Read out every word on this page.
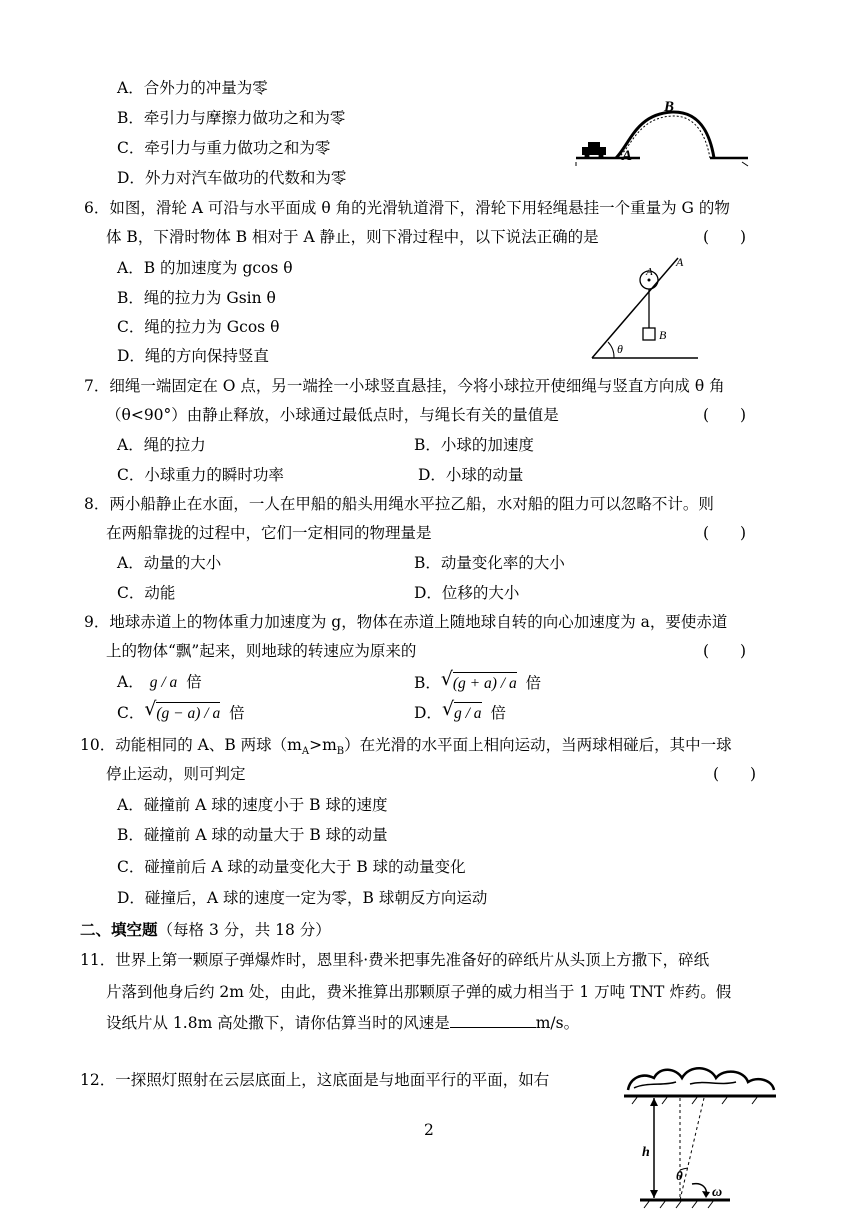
A．合外力的冲量为零
B．牵引力与摩擦力做功之和为零
C．牵引力与重力做功之和为零
D．外力对汽车做功的代数和为零
A
B
6．如图，滑轮 A 可沿与水平面成 θ 角的光滑轨道滑下，滑轮下用轻绳悬挂一个重量为 G 的物
体 B，下滑时物体 B 相对于 A 静止，则下滑过程中，以下说法正确的是	(　　)
A．B 的加速度为 gcos θ
B．绳的拉力为 Gsin θ
C．绳的拉力为 Gcos θ
D．绳的方向保持竖直
A
A
B
θ
7．细绳一端固定在 O 点，另一端拴一小球竖直悬挂，今将小球拉开使细绳与竖直方向成 θ 角
（θ<90°）由静止释放，小球通过最低点时，与绳长有关的量值是	(　　)
A．绳的拉力	B．小球的加速度
C．小球重力的瞬时功率	D．小球的动量
8．两小船静止在水面，一人在甲船的船头用绳水平拉乙船，水对船的阻力可以忽略不计。则
在两船靠拢的过程中，它们一定相同的物理量是	(　　)
A．动量的大小	B．动量变化率的大小
C．动能	D．位移的大小
9．地球赤道上的物体重力加速度为 g，物体在赤道上随地球自转的向心加速度为 a，要使赤道
上的物体“飘”起来，则地球的转速应为原来的	(　　)
A． g / a 倍	B． √ (g + a) / a 倍
C． √ (g − a) / a 倍	D． √ g / a 倍
10．动能相同的 A、B 两球$(m_A>m_B)$在光滑的水平面上相向运动，当两球相碰后，其中一球
停止运动，则可判定	(　　)
A．碰撞前 A 球的速度小于 B 球的速度
B．碰撞前 A 球的动量大于 B 球的动量
C．碰撞前后 A 球的动量变化大于 B 球的动量变化
D．碰撞后，A 球的速度一定为零，B 球朝反方向运动
二、填空题（每格 3 分，共 18 分）
11．世界上第一颗原子弹爆炸时，恩里科·费米把事先准备好的碎纸片从头顶上方撒下，碎纸
片落到他身后约 2m 处，由此，费米推算出那颗原子弹的威力相当于 1 万吨 TNT 炸药。假
设纸片从 1.8m 高处撒下，请你估算当时的风速是	m/s。
12．一探照灯照射在云层底面上，这底面是与地面平行的平面，如右
h
θ
ω
2
